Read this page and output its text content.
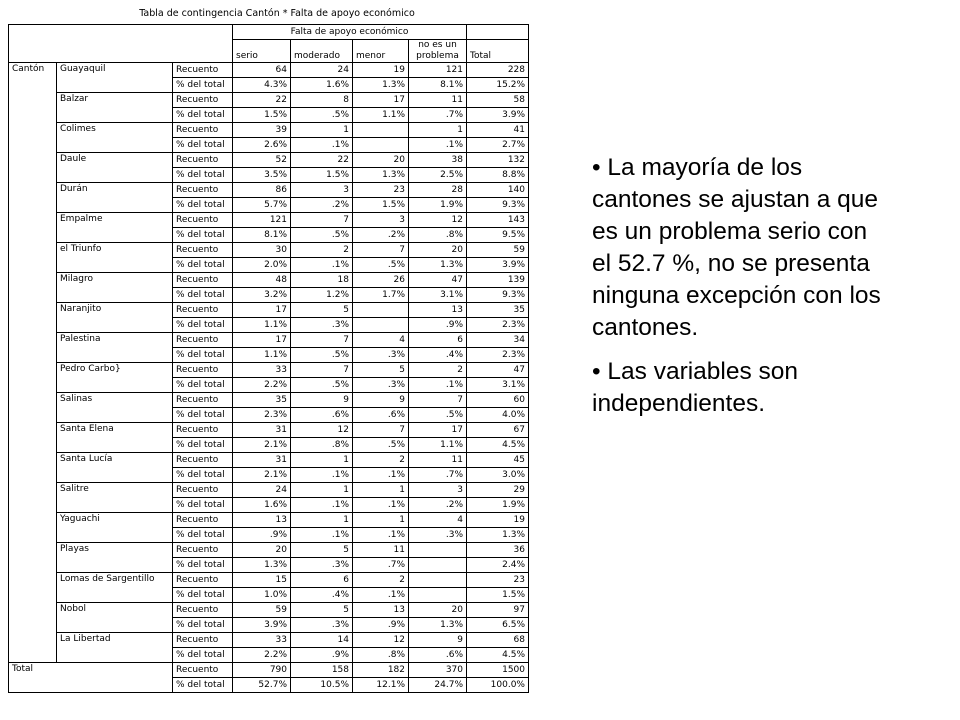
Tabla de contingencia Cantón * Falta de apoyo económico
			Falta de apoyo económico				
			serio	moderado	menor	no es un problema	Total
Cantón	Guayaquil	Recuento	64	24	19	121	228
		% del total	4.3%	1.6%	1.3%	8.1%	15.2%
	Balzar	Recuento	22	8	17	11	58
		% del total	1.5%	.5%	1.1%	.7%	3.9%
	Colimes	Recuento	39	1		1	41
		% del total	2.6%	.1%		.1%	2.7%
	Daule	Recuento	52	22	20	38	132
		% del total	3.5%	1.5%	1.3%	2.5%	8.8%
	Durán	Recuento	86	3	23	28	140
		% del total	5.7%	.2%	1.5%	1.9%	9.3%
	Empalme	Recuento	121	7	3	12	143
		% del total	8.1%	.5%	.2%	.8%	9.5%
	el Triunfo	Recuento	30	2	7	20	59
		% del total	2.0%	.1%	.5%	1.3%	3.9%
	Milagro	Recuento	48	18	26	47	139
		% del total	3.2%	1.2%	1.7%	3.1%	9.3%
	Naranjito	Recuento	17	5		13	35
		% del total	1.1%	.3%		.9%	2.3%
	Palestina	Recuento	17	7	4	6	34
		% del total	1.1%	.5%	.3%	.4%	2.3%
	Pedro Carbo}	Recuento	33	7	5	2	47
		% del total	2.2%	.5%	.3%	.1%	3.1%
	Salinas	Recuento	35	9	9	7	60
		% del total	2.3%	.6%	.6%	.5%	4.0%
	Santa Elena	Recuento	31	12	7	17	67
		% del total	2.1%	.8%	.5%	1.1%	4.5%
	Santa Lucía	Recuento	31	1	2	11	45
		% del total	2.1%	.1%	.1%	.7%	3.0%
	Salitre	Recuento	24	1	1	3	29
		% del total	1.6%	.1%	.1%	.2%	1.9%
	Yaguachi	Recuento	13	1	1	4	19
		% del total	.9%	.1%	.1%	.3%	1.3%
	Playas	Recuento	20	5	11		36
		% del total	1.3%	.3%	.7%		2.4%
	Lomas de Sargentillo	Recuento	15	6	2		23
		% del total	1.0%	.4%	.1%		1.5%
	Nobol	Recuento	59	5	13	20	97
		% del total	3.9%	.3%	.9%	1.3%	6.5%
	La Libertad	Recuento	33	14	12	9	68
		% del total	2.2%	.9%	.8%	.6%	4.5%
Total		Recuento	790	158	182	370	1500
		% del total	52.7%	10.5%	12.1%	24.7%	100.0%

• La mayoría de los cantones se ajustan a que es un problema serio con el 52.7 %, no se presenta ninguna excepción con los cantones.

• Las variables son independientes.
